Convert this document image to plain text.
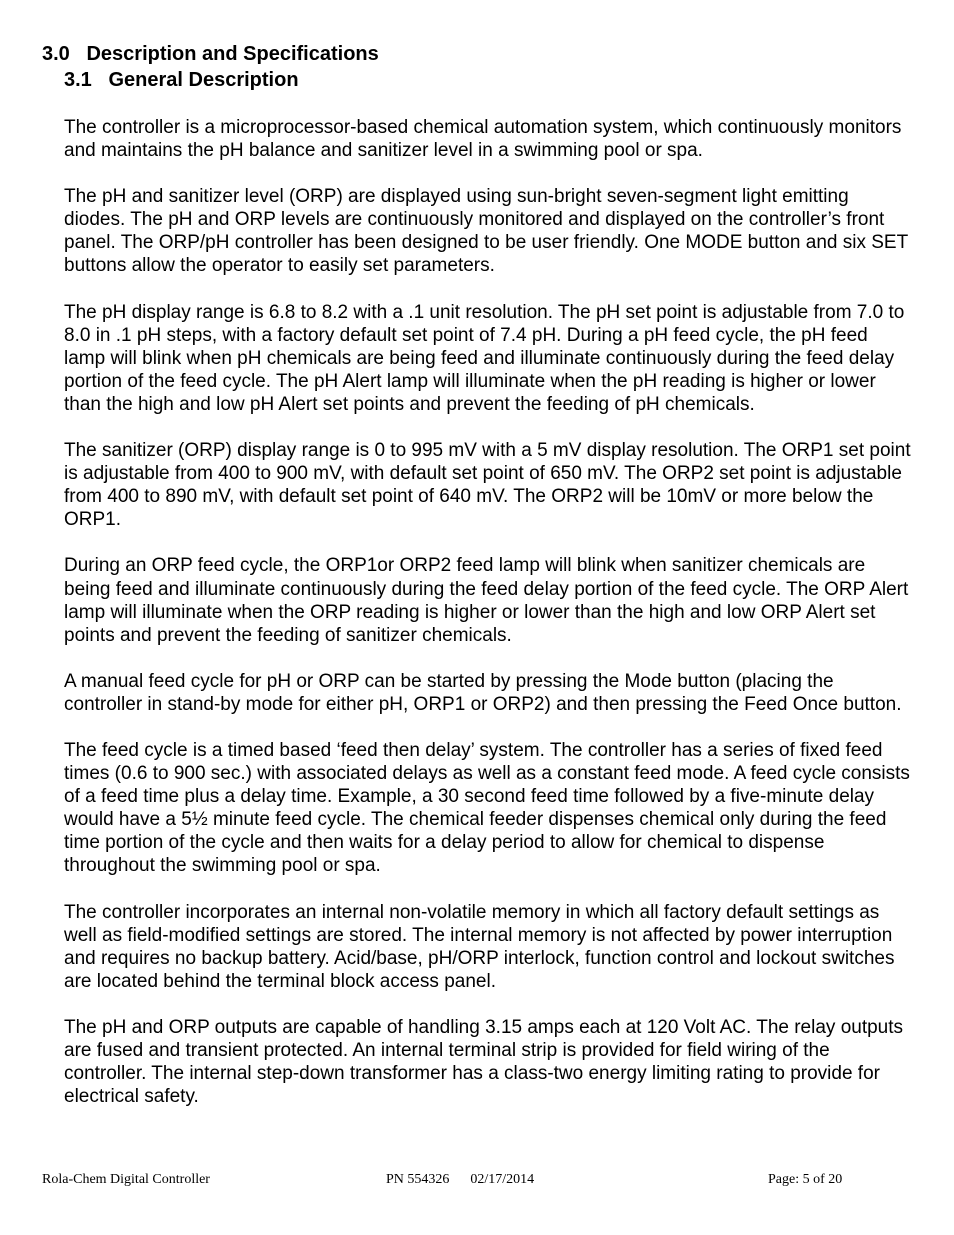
3.0   Description and Specifications
3.1   General Description

The controller is a microprocessor-based chemical automation system, which continuously monitors and maintains the pH balance and sanitizer level in a swimming pool or spa.

The pH and sanitizer level (ORP) are displayed using sun-bright seven-segment light emitting diodes. The pH and ORP levels are continuously monitored and displayed on the controller’s front panel. The ORP/pH controller has been designed to be user friendly. One MODE button and six SET buttons allow the operator to easily set parameters.

The pH display range is 6.8 to 8.2 with a .1 unit resolution. The pH set point is adjustable from 7.0 to 8.0 in .1 pH steps, with a factory default set point of 7.4 pH. During a pH feed cycle, the pH feed lamp will blink when pH chemicals are being feed and illuminate continuously during the feed delay portion of the feed cycle. The pH Alert lamp will illuminate when the pH reading is higher or lower than the high and low pH Alert set points and prevent the feeding of pH chemicals.

The sanitizer (ORP) display range is 0 to 995 mV with a 5 mV display resolution. The ORP1 set point is adjustable from 400 to 900 mV, with default set point of 650 mV. The ORP2 set point is adjustable from 400 to 890 mV, with default set point of 640 mV. The ORP2 will be 10mV or more below the ORP1.

During an ORP feed cycle, the ORP1or ORP2 feed lamp will blink when sanitizer chemicals are being feed and illuminate continuously during the feed delay portion of the feed cycle. The ORP Alert lamp will illuminate when the ORP reading is higher or lower than the high and low ORP Alert set points and prevent the feeding of sanitizer chemicals.

A manual feed cycle for pH or ORP can be started by pressing the Mode button (placing the controller in stand-by mode for either pH, ORP1 or ORP2) and then pressing the Feed Once button.

The feed cycle is a timed based ‘feed then delay’ system. The controller has a series of fixed feed times (0.6 to 900 sec.) with associated delays as well as a constant feed mode. A feed cycle consists of a feed time plus a delay time. Example, a 30 second feed time followed by a five-minute delay would have a 5½ minute feed cycle. The chemical feeder dispenses chemical only during the feed time portion of the cycle and then waits for a delay period to allow for chemical to dispense throughout the swimming pool or spa.

The controller incorporates an internal non-volatile memory in which all factory default settings as well as field-modified settings are stored. The internal memory is not affected by power interruption and requires no backup battery. Acid/base, pH/ORP interlock, function control and lockout switches are located behind the terminal block access panel.

The pH and ORP outputs are capable of handling 3.15 amps each at 120 Volt AC. The relay outputs are fused and transient protected. An internal terminal strip is provided for field wiring of the controller. The internal step-down transformer has a class-two energy limiting rating to provide for electrical safety.

Rola-Chem Digital Controller	PN 554326      02/17/2014	Page: 5 of 20
